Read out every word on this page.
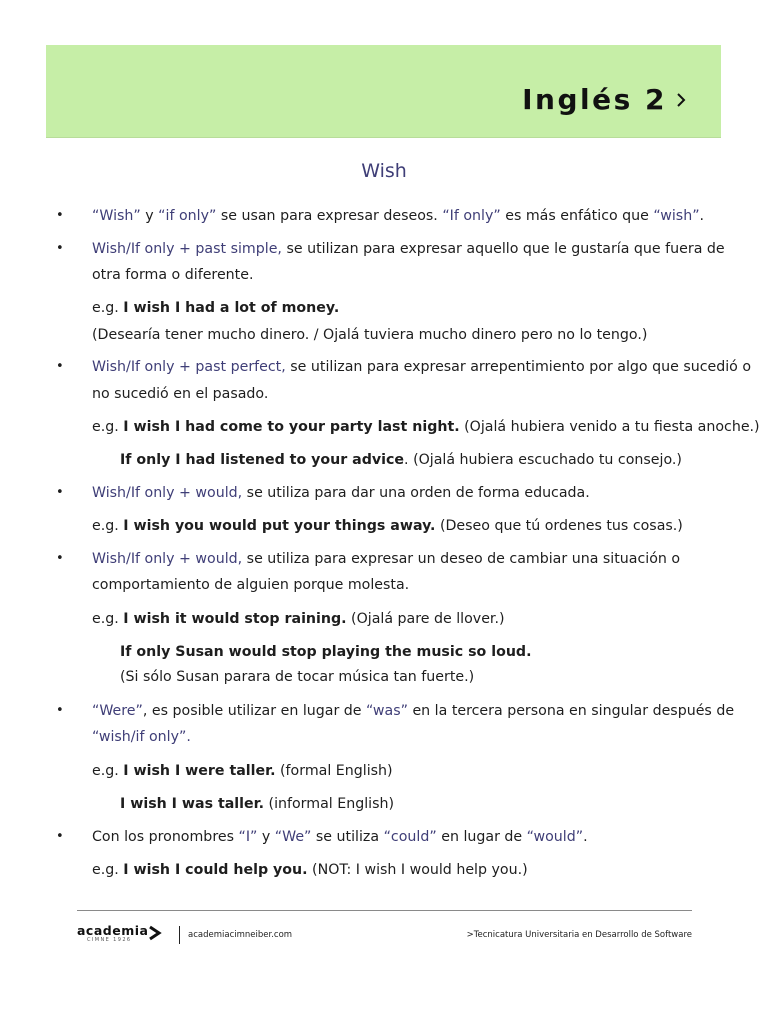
Inglés 2
Wish
• “Wish” y “if only” se usan para expresar deseos. “If only” es más enfático que “wish”.
• Wish/If only + past simple, se utilizan para expresar aquello que le gustaría que fuera de
otra forma o diferente.
e.g. I wish I had a lot of money.
(Desearía tener mucho dinero. / Ojalá tuviera mucho dinero pero no lo tengo.)
• Wish/If only + past perfect, se utilizan para expresar arrepentimiento por algo que sucedió o
no sucedió en el pasado.
e.g. I wish I had come to your party last night. (Ojalá hubiera venido a tu fiesta anoche.)
If only I had listened to your advice. (Ojalá hubiera escuchado tu consejo.)
• Wish/If only + would, se utiliza para dar una orden de forma educada.
e.g. I wish you would put your things away. (Deseo que tú ordenes tus cosas.)
• Wish/If only + would, se utiliza para expresar un deseo de cambiar una situación o
comportamiento de alguien porque molesta.
e.g. I wish it would stop raining. (Ojalá pare de llover.)
If only Susan would stop playing the music so loud.
(Si sólo Susan parara de tocar música tan fuerte.)
• “Were”, es posible utilizar en lugar de “was” en la tercera persona en singular después de
“wish/if only”.
e.g. I wish I were taller. (formal English)
I wish I was taller. (informal English)
• Con los pronombres “I” y “We” se utiliza “could” en lugar de “would”.
e.g. I wish I could help you. (NOT: I wish I would help you.)
academia
CIMNE 1926	academiacimneiber.com	>Tecnicatura Universitaria en Desarrollo de Software
